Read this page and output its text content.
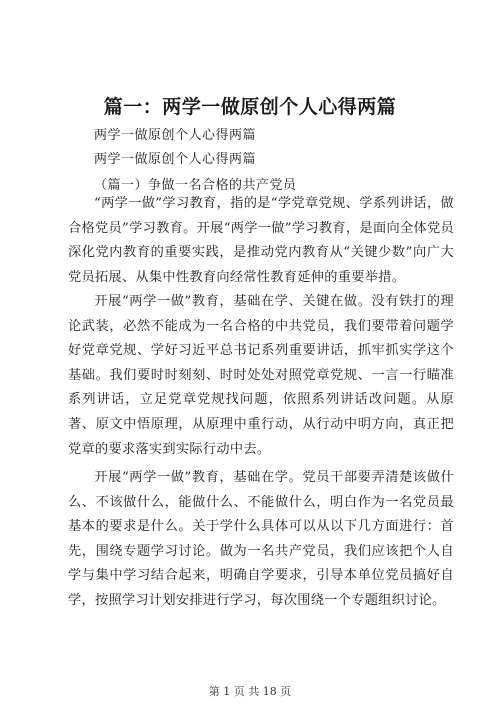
篇一：两学一做原创个人心得两篇
两学一做原创个人心得两篇
两学一做原创个人心得两篇
（篇一）争做一名合格的共产党员
“两学一做”学习教育，指的是“学党章党规、学系列讲话，做合格党员”学习教育。开展“两学一做”学习教育，是面向全体党员深化党内教育的重要实践，是推动党内教育从“关键少数”向广大党员拓展、从集中性教育向经常性教育延伸的重要举措。
开展“两学一做”教育，基础在学、关键在做。没有铁打的理论武装，必然不能成为一名合格的中共党员，我们要带着问题学好党章党规、学好习近平总书记系列重要讲话，抓牢抓实学这个基础。我们要时时刻刻、时时处处对照党章党规、一言一行瞄准系列讲话，立足党章党规找问题，依照系列讲话改问题。从原著、原文中悟原理，从原理中重行动，从行动中明方向，真正把党章的要求落实到实际行动中去。
开展“两学一做”教育，基础在学。党员干部要弄清楚该做什么、不该做什么，能做什么、不能做什么，明白作为一名党员最基本的要求是什么。关于学什么具体可以从以下几方面进行：首先，围绕专题学习讨论。做为一名共产党员，我们应该把个人自学与集中学习结合起来，明确自学要求，引导本单位党员搞好自学，按照学习计划安排进行学习，每次围绕一个专题组织讨论。
第 1 页 共 18 页
